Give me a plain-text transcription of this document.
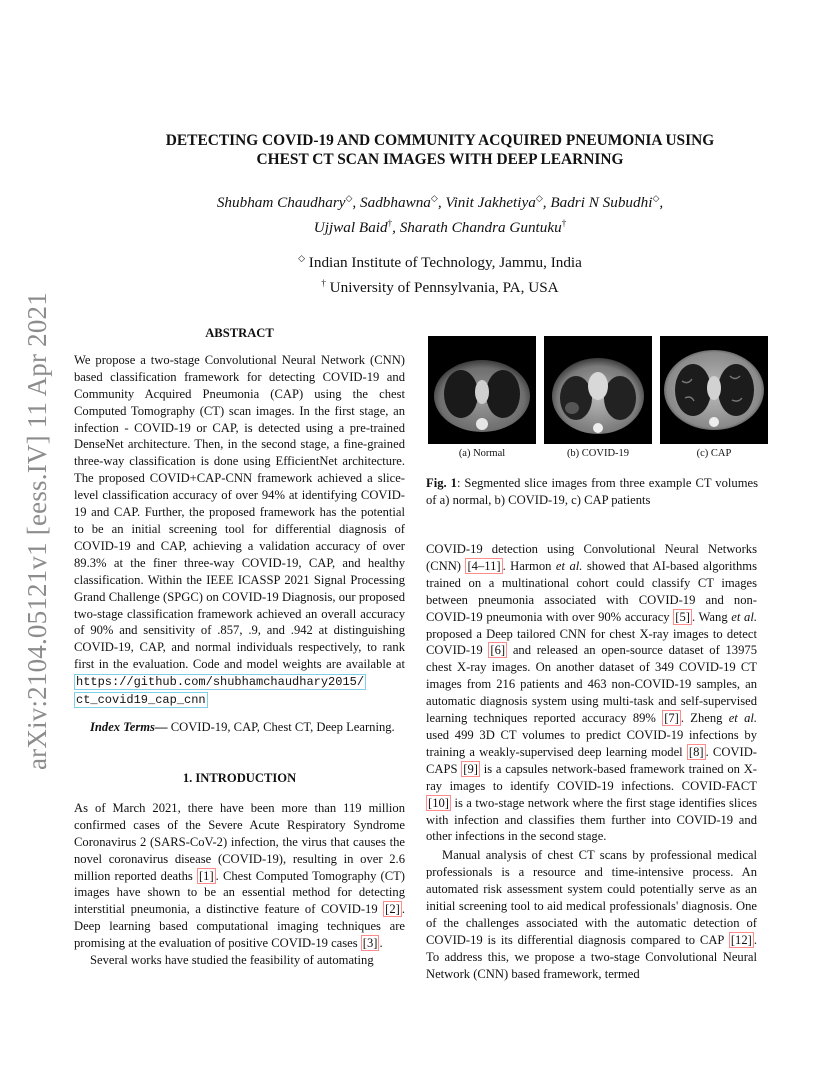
arXiv:2104.05121v1 [eess.IV] 11 Apr 2021
DETECTING COVID-19 AND COMMUNITY ACQUIRED PNEUMONIA USING
CHEST CT SCAN IMAGES WITH DEEP LEARNING
Shubham Chaudhary◇, Sadbhawna◇, Vinit Jakhetiya◇, Badri N Subudhi◇,
Ujjwal Baid†, Sharath Chandra Guntuku†
◇ Indian Institute of Technology, Jammu, India
† University of Pennsylvania, PA, USA
ABSTRACT

We propose a two-stage Convolutional Neural Network (CNN) based classification framework for detecting COVID-19 and Community Acquired Pneumonia (CAP) using the chest Computed Tomography (CT) scan images. In the first stage, an infection - COVID-19 or CAP, is detected using a pre-trained DenseNet architecture. Then, in the second stage, a fine-grained three-way classification is done using EfficientNet architecture. The proposed COVID+CAP-CNN framework achieved a slice-level classification accuracy of over 94% at identifying COVID-19 and CAP. Further, the proposed framework has the potential to be an initial screening tool for differential diagnosis of COVID-19 and CAP, achieving a validation accuracy of over 89.3% at the finer three-way COVID-19, CAP, and healthy classification. Within the IEEE ICASSP 2021 Signal Processing Grand Challenge (SPGC) on COVID-19 Diagnosis, our proposed two-stage classification framework achieved an overall accuracy of 90% and sensitivity of .857, .9, and .942 at distinguishing COVID-19, CAP, and normal individuals respectively, to rank first in the evaluation. Code and model weights are available at https://github.com/shubhamchaudhary2015/
ct_covid19_cap_cnn

Index Terms— COVID-19, CAP, Chest CT, Deep Learning.

1. INTRODUCTION

As of March 2021, there have been more than 119 million confirmed cases of the Severe Acute Respiratory Syndrome Coronavirus 2 (SARS-CoV-2) infection, the virus that causes the novel coronavirus disease (COVID-19), resulting in over 2.6 million reported deaths [1] . Chest Computed Tomography (CT) images have shown to be an essential method for detecting interstitial pneumonia, a distinctive feature of COVID-19 [2] . Deep learning based computational imaging techniques are promising at the evaluation of positive COVID-19 cases [3] .

Several works have studied the feasibility of automating

(a) Normal	(b) COVID-19	(c) CAP
Fig. 1: Segmented slice images from three example CT volumes of a) normal, b) COVID-19, c) CAP patients

COVID-19 detection using Convolutional Neural Networks (CNN) [4–11] . Harmon et al. showed that AI-based algorithms trained on a multinational cohort could classify CT images between pneumonia associated with COVID-19 and non-COVID-19 pneumonia with over 90% accuracy [5] . Wang et al. proposed a Deep tailored CNN for chest X-ray images to detect COVID-19 [6] and released an open-source dataset of 13975 chest X-ray images. On another dataset of 349 COVID-19 CT images from 216 patients and 463 non-COVID-19 samples, an automatic diagnosis system using multi-task and self-supervised learning techniques reported accuracy 89% [7] . Zheng et al. used 499 3D CT volumes to predict COVID-19 infections by training a weakly-supervised deep learning model [8] . COVID-CAPS [9] is a capsules network-based framework trained on X-ray images to identify COVID-19 infections. COVID-FACT [10] is a two-stage network where the first stage identifies slices with infection and classifies them further into COVID-19 and other infections in the second stage.

Manual analysis of chest CT scans by professional medical professionals is a resource and time-intensive process. An automated risk assessment system could potentially serve as an initial screening tool to aid medical professionals' diagnosis. One of the challenges associated with the automatic detection of COVID-19 is its differential diagnosis compared to CAP [12] . To address this, we propose a two-stage Convolutional Neural Network (CNN) based framework, termed
